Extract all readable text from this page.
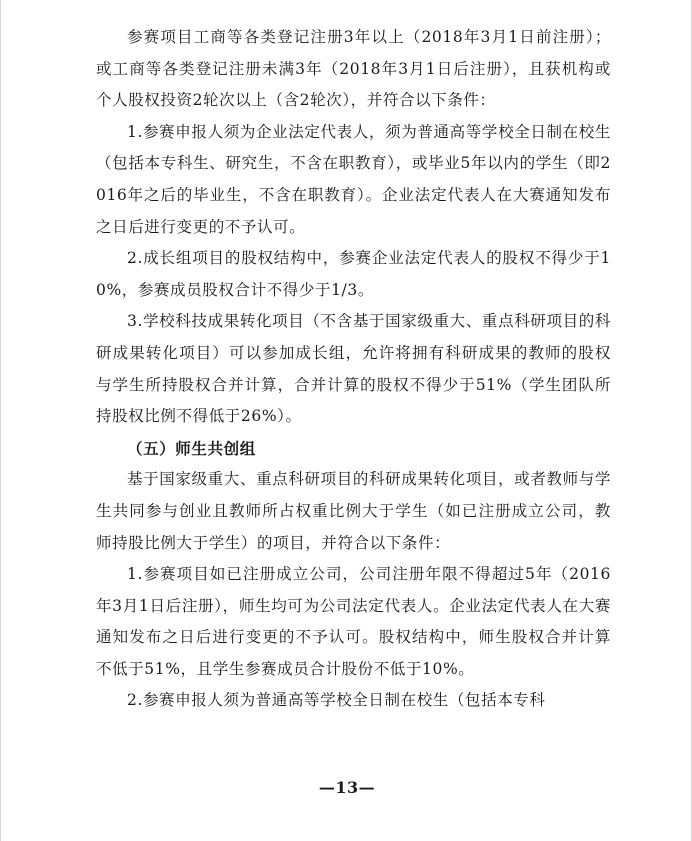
参赛项目工商等各类登记注册3年以上（2018年3月1日前注册）；或工商等各类登记注册未满3年（2018年3月1日后注册），且获机构或个人股权投资2轮次以上（含2轮次），并符合以下条件：

1.参赛申报人须为企业法定代表人，须为普通高等学校全日制在校生（包括本专科生、研究生，不含在职教育），或毕业5年以内的学生（即2016年之后的毕业生，不含在职教育）。企业法定代表人在大赛通知发布之日后进行变更的不予认可。

2.成长组项目的股权结构中，参赛企业法定代表人的股权不得少于10%，参赛成员股权合计不得少于1/3。

3.学校科技成果转化项目（不含基于国家级重大、重点科研项目的科研成果转化项目）可以参加成长组，允许将拥有科研成果的教师的股权与学生所持股权合并计算，合并计算的股权不得少于51%（学生团队所持股权比例不得低于26%）。

（五）师生共创组

基于国家级重大、重点科研项目的科研成果转化项目，或者教师与学生共同参与创业且教师所占权重比例大于学生（如已注册成立公司，教师持股比例大于学生）的项目，并符合以下条件：

1.参赛项目如已注册成立公司，公司注册年限不得超过5年（2016年3月1日后注册），师生均可为公司法定代表人。企业法定代表人在大赛通知发布之日后进行变更的不予认可。股权结构中，师生股权合并计算不低于51%，且学生参赛成员合计股份不低于10%。

2.参赛申报人须为普通高等学校全日制在校生（包括本专科

—13—
